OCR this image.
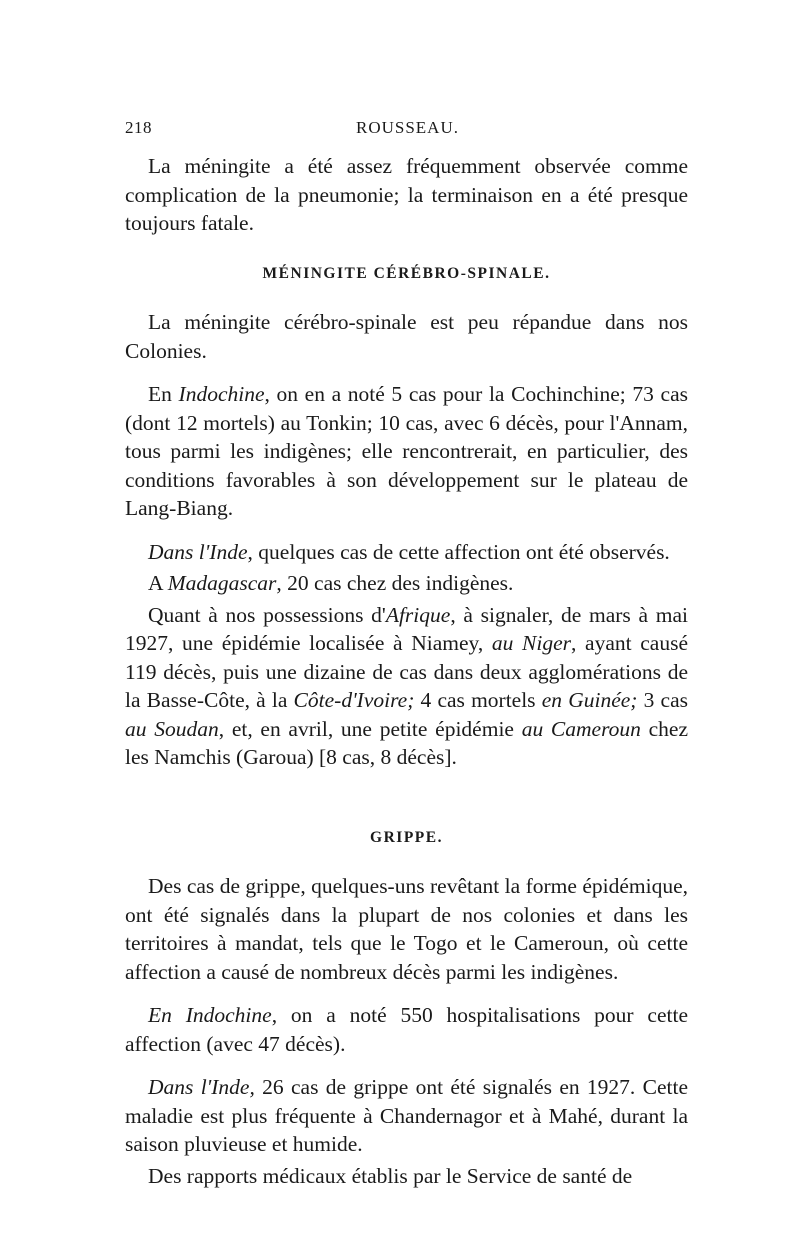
218	ROUSSEAU.

La méningite a été assez fréquemment observée comme complication de la pneumonie; la terminaison en a été presque toujours fatale.

MÉNINGITE CÉRÉBRO-SPINALE.

La méningite cérébro-spinale est peu répandue dans nos Colonies.

En Indochine, on en a noté 5 cas pour la Cochinchine; 73 cas (dont 12 mortels) au Tonkin; 10 cas, avec 6 décès, pour l'Annam, tous parmi les indigènes; elle rencontrerait, en particulier, des conditions favorables à son développement sur le plateau de Lang-Biang.

Dans l'Inde, quelques cas de cette affection ont été observés.

A Madagascar, 20 cas chez des indigènes.

Quant à nos possessions d'Afrique, à signaler, de mars à mai 1927, une épidémie localisée à Niamey, au Niger, ayant causé 119 décès, puis une dizaine de cas dans deux agglomérations de la Basse-Côte, à la Côte-d'Ivoire; 4 cas mortels en Guinée; 3 cas au Soudan, et, en avril, une petite épidémie au Cameroun chez les Namchis (Garoua) [8 cas, 8 décès].

GRIPPE.

Des cas de grippe, quelques-uns revêtant la forme épidémique, ont été signalés dans la plupart de nos colonies et dans les territoires à mandat, tels que le Togo et le Cameroun, où cette affection a causé de nombreux décès parmi les indigènes.

En Indochine, on a noté 550 hospitalisations pour cette affection (avec 47 décès).

Dans l'Inde, 26 cas de grippe ont été signalés en 1927. Cette maladie est plus fréquente à Chandernagor et à Mahé, durant la saison pluvieuse et humide.

Des rapports médicaux établis par le Service de santé de
